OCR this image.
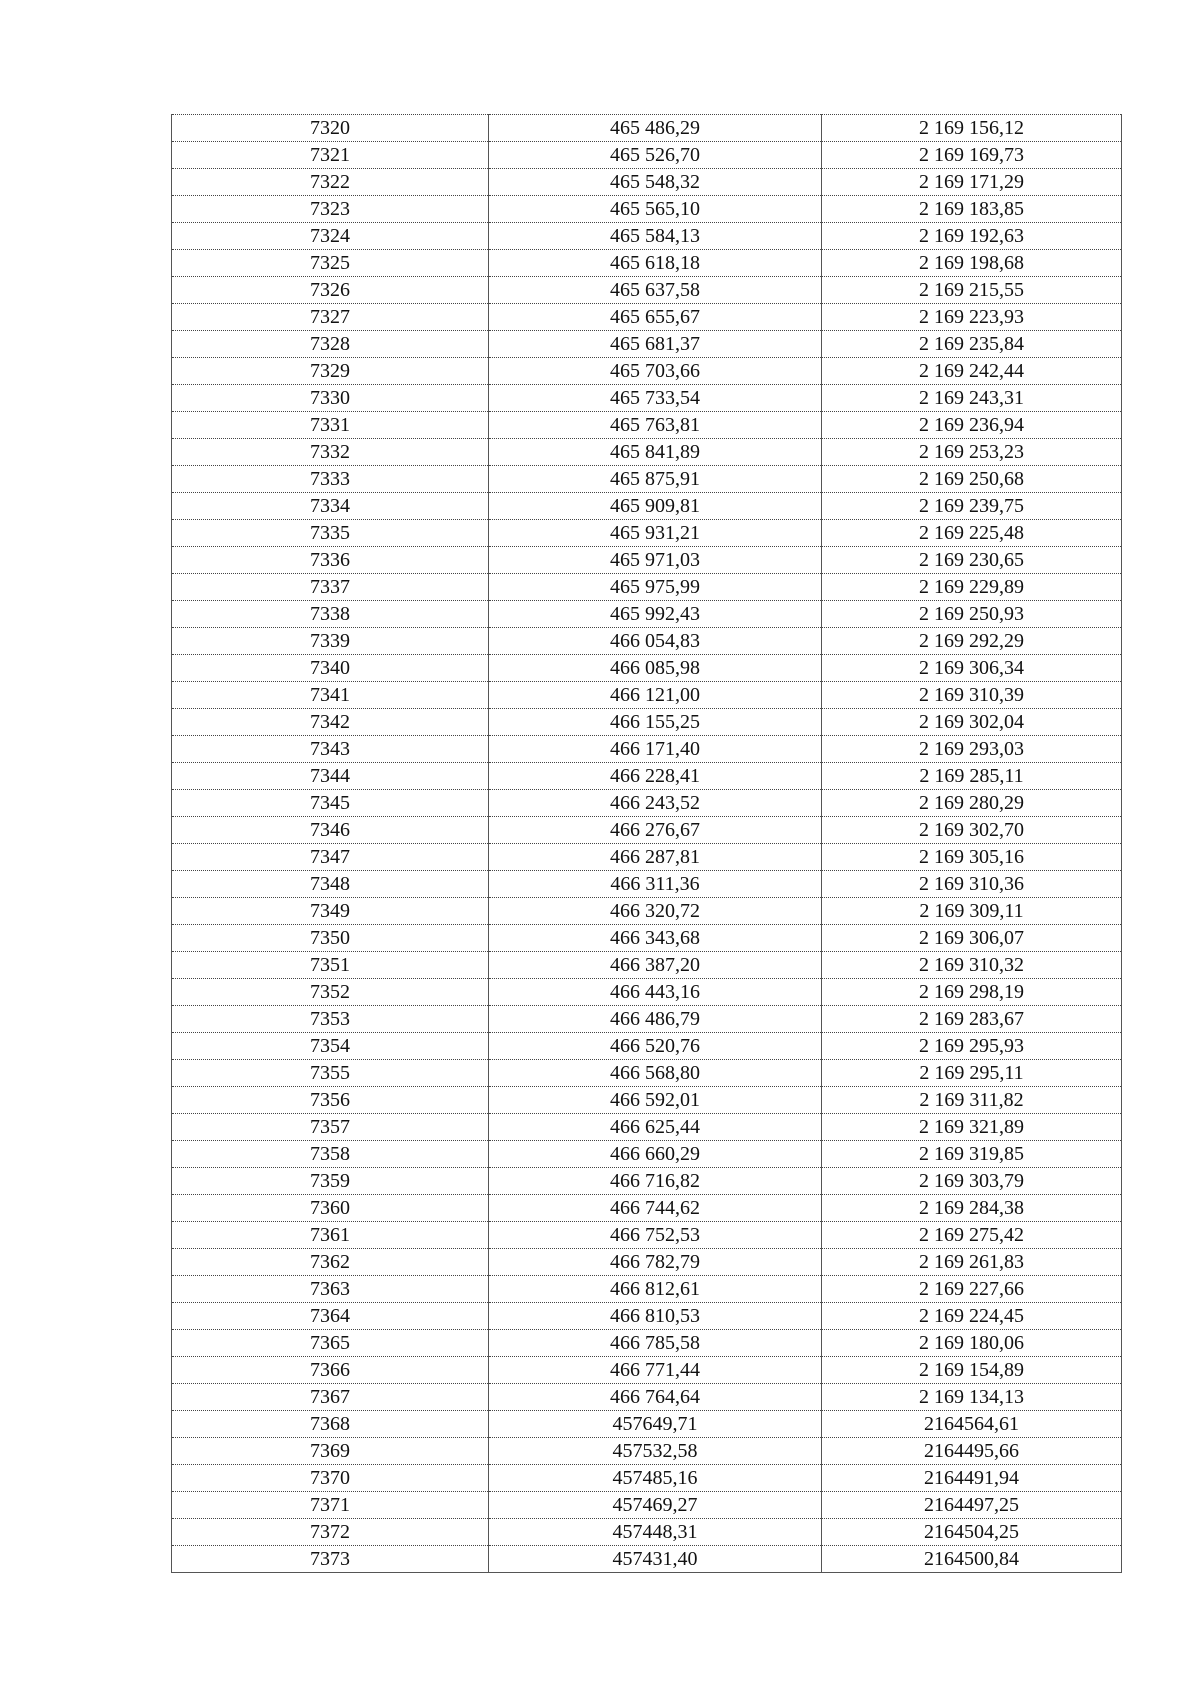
7320	465 486,29	2 169 156,12
7321	465 526,70	2 169 169,73
7322	465 548,32	2 169 171,29
7323	465 565,10	2 169 183,85
7324	465 584,13	2 169 192,63
7325	465 618,18	2 169 198,68
7326	465 637,58	2 169 215,55
7327	465 655,67	2 169 223,93
7328	465 681,37	2 169 235,84
7329	465 703,66	2 169 242,44
7330	465 733,54	2 169 243,31
7331	465 763,81	2 169 236,94
7332	465 841,89	2 169 253,23
7333	465 875,91	2 169 250,68
7334	465 909,81	2 169 239,75
7335	465 931,21	2 169 225,48
7336	465 971,03	2 169 230,65
7337	465 975,99	2 169 229,89
7338	465 992,43	2 169 250,93
7339	466 054,83	2 169 292,29
7340	466 085,98	2 169 306,34
7341	466 121,00	2 169 310,39
7342	466 155,25	2 169 302,04
7343	466 171,40	2 169 293,03
7344	466 228,41	2 169 285,11
7345	466 243,52	2 169 280,29
7346	466 276,67	2 169 302,70
7347	466 287,81	2 169 305,16
7348	466 311,36	2 169 310,36
7349	466 320,72	2 169 309,11
7350	466 343,68	2 169 306,07
7351	466 387,20	2 169 310,32
7352	466 443,16	2 169 298,19
7353	466 486,79	2 169 283,67
7354	466 520,76	2 169 295,93
7355	466 568,80	2 169 295,11
7356	466 592,01	2 169 311,82
7357	466 625,44	2 169 321,89
7358	466 660,29	2 169 319,85
7359	466 716,82	2 169 303,79
7360	466 744,62	2 169 284,38
7361	466 752,53	2 169 275,42
7362	466 782,79	2 169 261,83
7363	466 812,61	2 169 227,66
7364	466 810,53	2 169 224,45
7365	466 785,58	2 169 180,06
7366	466 771,44	2 169 154,89
7367	466 764,64	2 169 134,13
7368	457649,71	2164564,61
7369	457532,58	2164495,66
7370	457485,16	2164491,94
7371	457469,27	2164497,25
7372	457448,31	2164504,25
7373	457431,40	2164500,84
